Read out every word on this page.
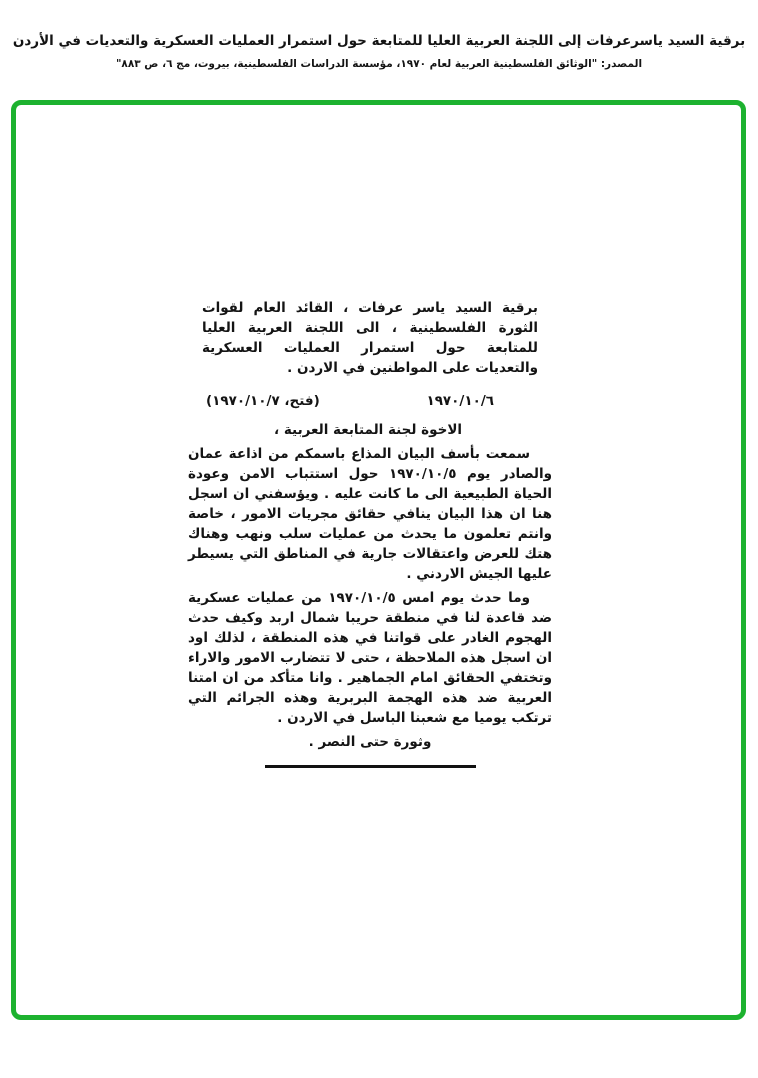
برقية السيد ياسرعرفات إلى اللجنة العربية العليا للمتابعة حول استمرار العمليات العسكرية والتعديات في الأردن
المصدر: "الوثائق الفلسطينية العربية لعام ١٩٧٠، مؤسسة الدراسات الفلسطينية، بيروت، مج ٦، ص ٨٨٣"

برقية السيد ياسر عرفات ، القائد العام لقوات الثورة الفلسطينية ، الى اللجنة العربية العليا للمتابعة حول استمرار العمليات العسكرية والتعديات على المواطنين في الاردن .

١٩٧٠/١٠/٦
(فتح، ١٩٧٠/١٠/٧)

الاخوة لجنة المتابعة العربية ،

سمعت بأسف البيان المذاع باسمكم من اذاعة عمان والصادر يوم ١٩٧٠/١٠/٥ حول استتباب الامن وعودة الحياة الطبيعية الى ما كانت عليه . ويؤسفني ان اسجل هنا ان هذا البيان ينافي حقائق مجريات الامور ، خاصة وانتم تعلمون ما يحدث من عمليات سلب ونهب وهناك هتك للعرض واعتقالات جارية في المناطق التي يسيطر عليها الجيش الاردني .

وما حدث يوم امس ١٩٧٠/١٠/٥ من عمليات عسكرية ضد قاعدة لنا في منطقة حريبا شمال اربد وكيف حدث الهجوم الغادر على قواتنا في هذه المنطقة ، لذلك اود ان اسجل هذه الملاحظة ، حتى لا تتضارب الامور والاراء وتختفي الحقائق امام الجماهير . وانا متأكد من ان امتنا العربية ضد هذه الهجمة البربرية وهذه الجرائم التي ترتكب يوميا مع شعبنا الباسل في الاردن .

وثورة حتى النصر .
